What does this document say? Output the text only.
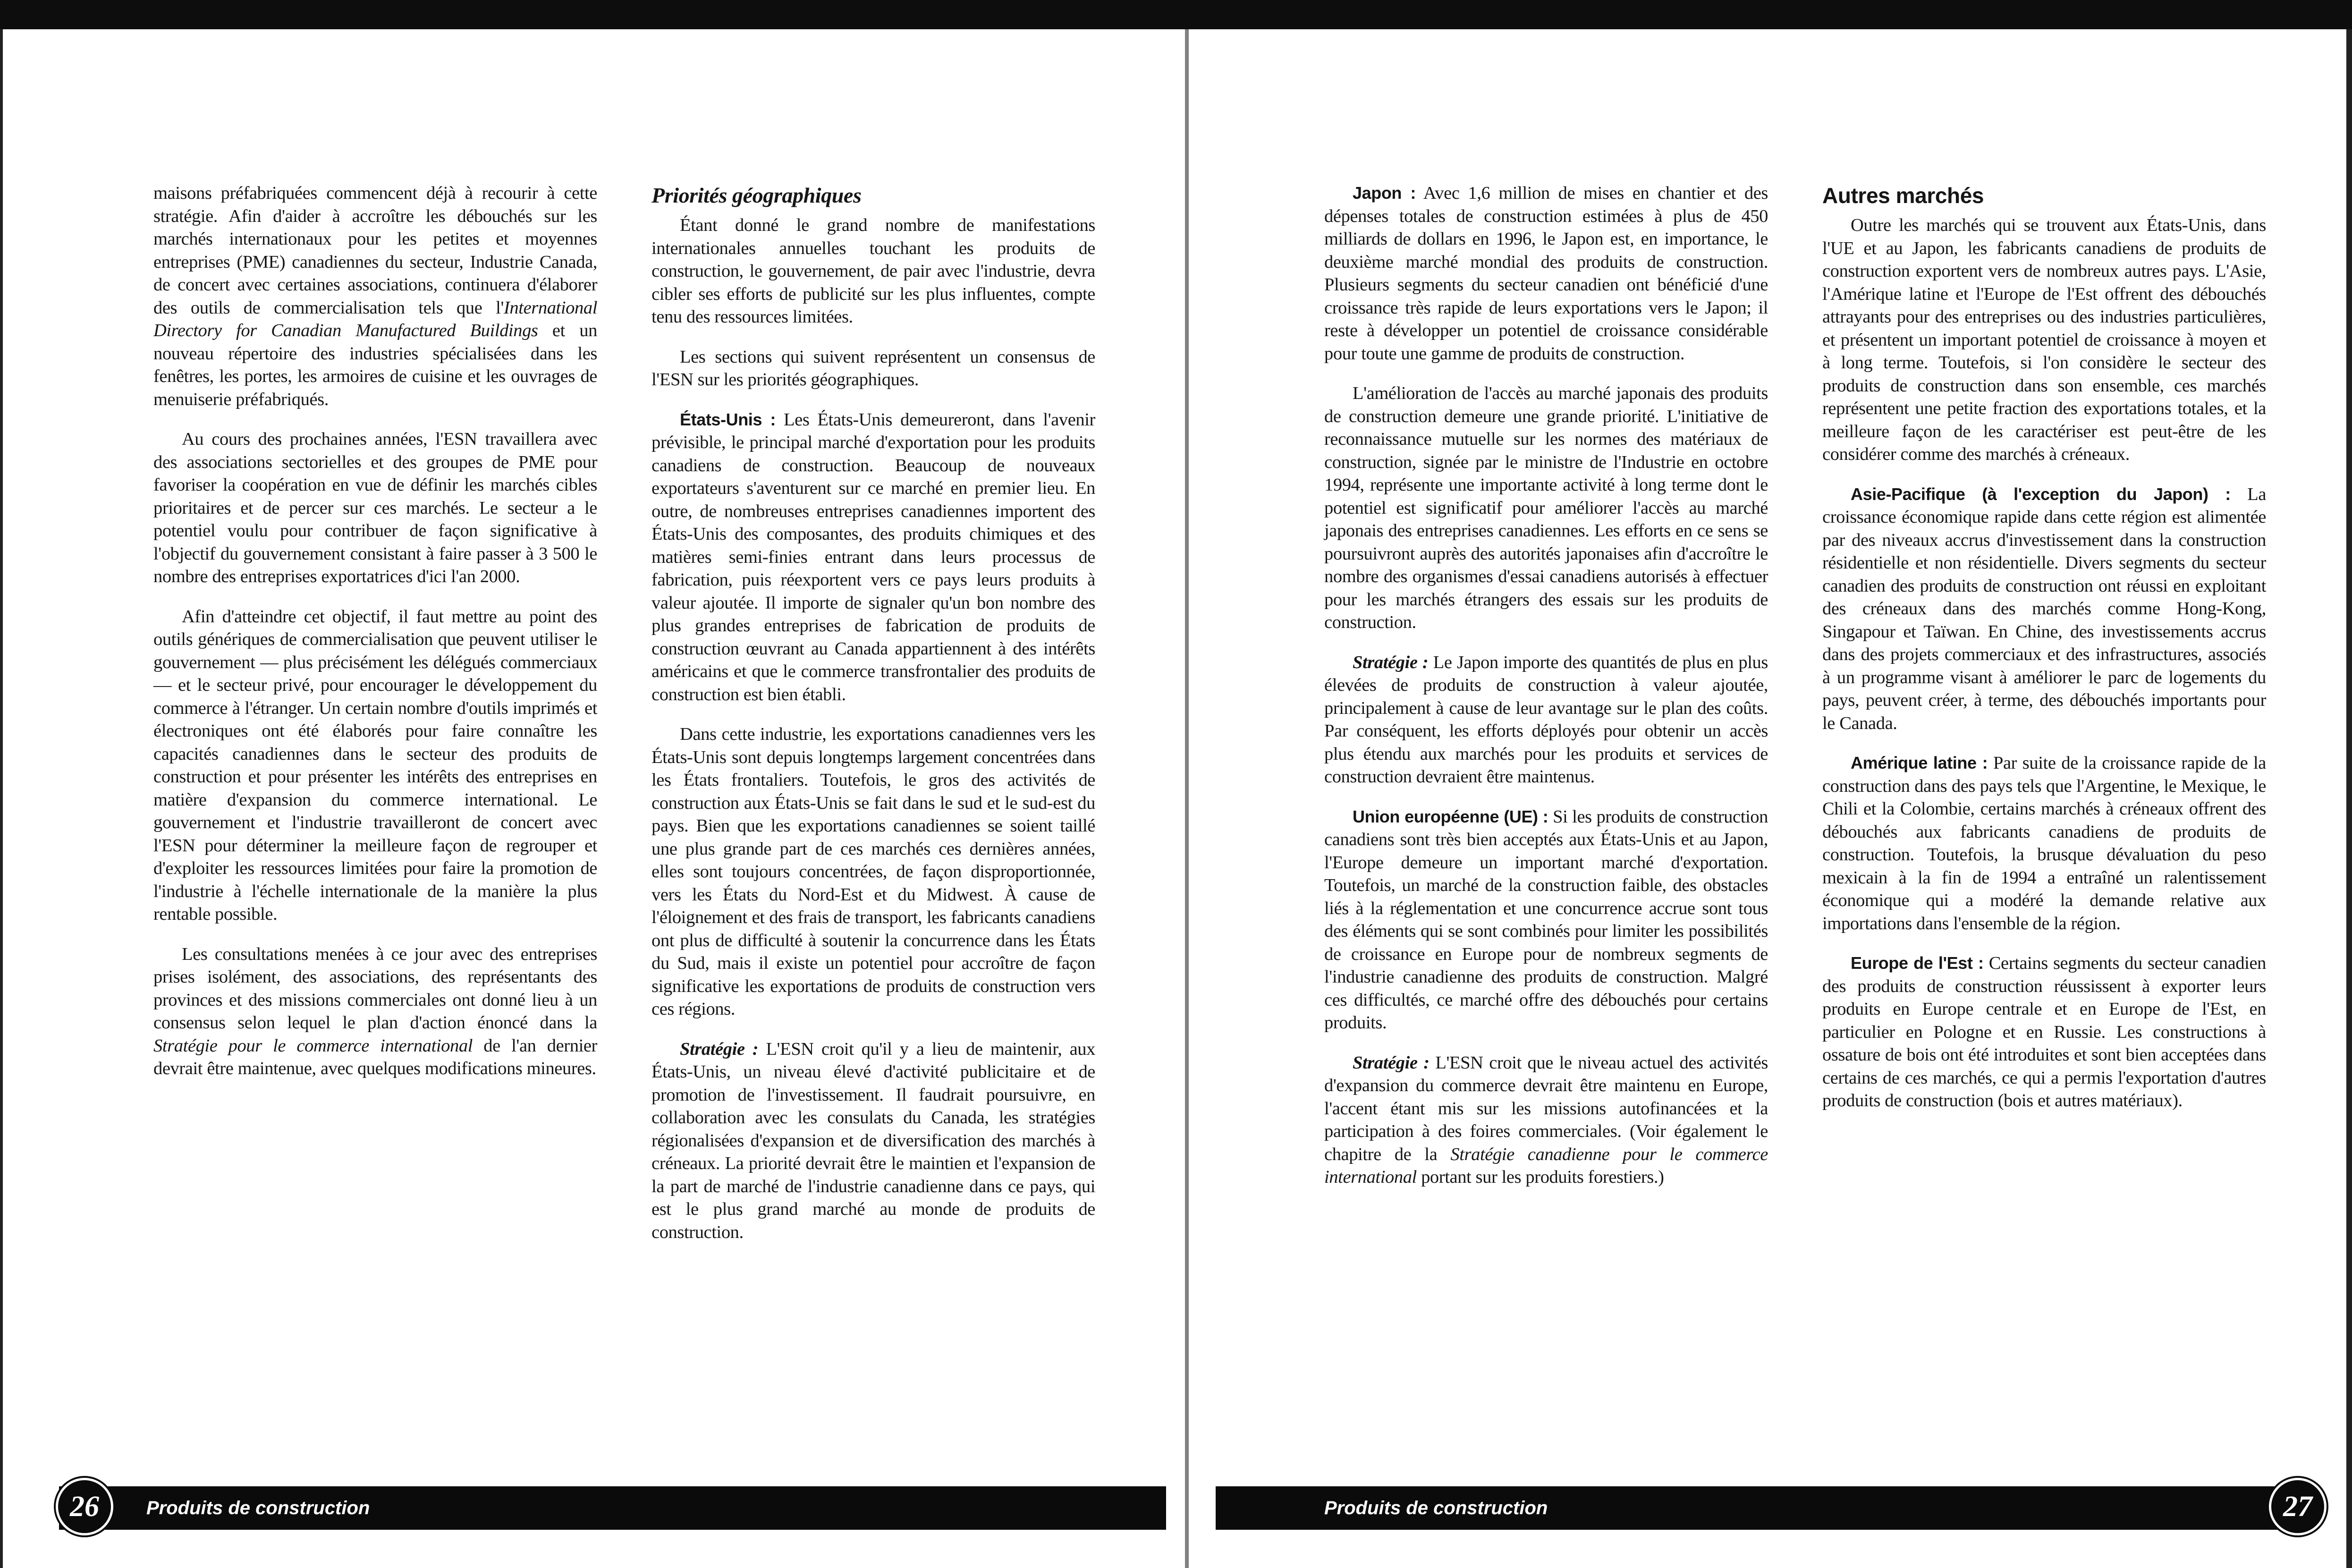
maisons préfabriquées commencent déjà à recourir à cette stratégie. Afin d'aider à accroître les débouchés sur les marchés internationaux pour les petites et moyennes entreprises (PME) canadiennes du secteur, Industrie Canada, de concert avec certaines associations, continuera d'élaborer des outils de commercialisation tels que l'International Directory for Canadian Manufactured Buildings et un nouveau répertoire des industries spécialisées dans les fenêtres, les portes, les armoires de cuisine et les ouvrages de menuiserie préfabriqués.

Au cours des prochaines années, l'ESN travaillera avec des associations sectorielles et des groupes de PME pour favoriser la coopération en vue de définir les marchés cibles prioritaires et de percer sur ces marchés. Le secteur a le potentiel voulu pour contribuer de façon significative à l'objectif du gouvernement consistant à faire passer à 3 500 le nombre des entreprises exportatrices d'ici l'an 2000.

Afin d'atteindre cet objectif, il faut mettre au point des outils génériques de commercialisation que peuvent utiliser le gouvernement — plus précisément les délégués commerciaux — et le secteur privé, pour encourager le développement du commerce à l'étranger. Un certain nombre d'outils imprimés et électroniques ont été élaborés pour faire connaître les capacités canadiennes dans le secteur des produits de construction et pour présenter les intérêts des entreprises en matière d'expansion du commerce international. Le gouvernement et l'industrie travailleront de concert avec l'ESN pour déterminer la meilleure façon de regrouper et d'exploiter les ressources limitées pour faire la promotion de l'industrie à l'échelle internationale de la manière la plus rentable possible.

Les consultations menées à ce jour avec des entreprises prises isolément, des associations, des représentants des provinces et des missions commerciales ont donné lieu à un consensus selon lequel le plan d'action énoncé dans la Stratégie pour le commerce international de l'an dernier devrait être maintenue, avec quelques modifications mineures.

Priorités géographiques

Étant donné le grand nombre de manifestations internationales annuelles touchant les produits de construction, le gouvernement, de pair avec l'industrie, devra cibler ses efforts de publicité sur les plus influentes, compte tenu des ressources limitées.

Les sections qui suivent représentent un consensus de l'ESN sur les priorités géographiques.

États-Unis : Les États-Unis demeureront, dans l'avenir prévisible, le principal marché d'exportation pour les produits canadiens de construction. Beaucoup de nouveaux exportateurs s'aventurent sur ce marché en premier lieu. En outre, de nombreuses entreprises canadiennes importent des États-Unis des composantes, des produits chimiques et des matières semi-finies entrant dans leurs processus de fabrication, puis réexportent vers ce pays leurs produits à valeur ajoutée. Il importe de signaler qu'un bon nombre des plus grandes entreprises de fabrication de produits de construction œuvrant au Canada appartiennent à des intérêts américains et que le commerce transfrontalier des produits de construction est bien établi.

Dans cette industrie, les exportations canadiennes vers les États-Unis sont depuis longtemps largement concentrées dans les États frontaliers. Toutefois, le gros des activités de construction aux États-Unis se fait dans le sud et le sud-est du pays. Bien que les exportations canadiennes se soient taillé une plus grande part de ces marchés ces dernières années, elles sont toujours concentrées, de façon disproportionnée, vers les États du Nord-Est et du Midwest. À cause de l'éloignement et des frais de transport, les fabricants canadiens ont plus de difficulté à soutenir la concurrence dans les États du Sud, mais il existe un potentiel pour accroître de façon significative les exportations de produits de construction vers ces régions.

Stratégie : L'ESN croit qu'il y a lieu de maintenir, aux États-Unis, un niveau élevé d'activité publicitaire et de promotion de l'investissement. Il faudrait poursuivre, en collaboration avec les consulats du Canada, les stratégies régionalisées d'expansion et de diversification des marchés à créneaux. La priorité devrait être le maintien et l'expansion de la part de marché de l'industrie canadienne dans ce pays, qui est le plus grand marché au monde de produits de construction.

Produits de construction
26

Japon : Avec 1,6 million de mises en chantier et des dépenses totales de construction estimées à plus de 450 milliards de dollars en 1996, le Japon est, en importance, le deuxième marché mondial des produits de construction. Plusieurs segments du secteur canadien ont bénéficié d'une croissance très rapide de leurs exportations vers le Japon; il reste à développer un potentiel de croissance considérable pour toute une gamme de produits de construction.

L'amélioration de l'accès au marché japonais des produits de construction demeure une grande priorité. L'initiative de reconnaissance mutuelle sur les normes des matériaux de construction, signée par le ministre de l'Industrie en octobre 1994, représente une importante activité à long terme dont le potentiel est significatif pour améliorer l'accès au marché japonais des entreprises canadiennes. Les efforts en ce sens se poursuivront auprès des autorités japonaises afin d'accroître le nombre des organismes d'essai canadiens autorisés à effectuer pour les marchés étrangers des essais sur les produits de construction.

Stratégie : Le Japon importe des quantités de plus en plus élevées de produits de construction à valeur ajoutée, principalement à cause de leur avantage sur le plan des coûts. Par conséquent, les efforts déployés pour obtenir un accès plus étendu aux marchés pour les produits et services de construction devraient être maintenus.

Union européenne (UE) : Si les produits de construction canadiens sont très bien acceptés aux États-Unis et au Japon, l'Europe demeure un important marché d'exportation. Toutefois, un marché de la construction faible, des obstacles liés à la réglementation et une concurrence accrue sont tous des éléments qui se sont combinés pour limiter les possibilités de croissance en Europe pour de nombreux segments de l'industrie canadienne des produits de construction. Malgré ces difficultés, ce marché offre des débouchés pour certains produits.

Stratégie : L'ESN croit que le niveau actuel des activités d'expansion du commerce devrait être maintenu en Europe, l'accent étant mis sur les missions autofinancées et la participation à des foires commerciales. (Voir également le chapitre de la Stratégie canadienne pour le commerce international portant sur les produits forestiers.)

Autres marchés

Outre les marchés qui se trouvent aux États-Unis, dans l'UE et au Japon, les fabricants canadiens de produits de construction exportent vers de nombreux autres pays. L'Asie, l'Amérique latine et l'Europe de l'Est offrent des débouchés attrayants pour des entreprises ou des industries particulières, et présentent un important potentiel de croissance à moyen et à long terme. Toutefois, si l'on considère le secteur des produits de construction dans son ensemble, ces marchés représentent une petite fraction des exportations totales, et la meilleure façon de les caractériser est peut-être de les considérer comme des marchés à créneaux.

Asie-Pacifique (à l'exception du Japon) : La croissance économique rapide dans cette région est alimentée par des niveaux accrus d'investissement dans la construction résidentielle et non résidentielle. Divers segments du secteur canadien des produits de construction ont réussi en exploitant des créneaux dans des marchés comme Hong-Kong, Singapour et Taïwan. En Chine, des investissements accrus dans des projets commerciaux et des infrastructures, associés à un programme visant à améliorer le parc de logements du pays, peuvent créer, à terme, des débouchés importants pour le Canada.

Amérique latine : Par suite de la croissance rapide de la construction dans des pays tels que l'Argentine, le Mexique, le Chili et la Colombie, certains marchés à créneaux offrent des débouchés aux fabricants canadiens de produits de construction. Toutefois, la brusque dévaluation du peso mexicain à la fin de 1994 a entraîné un ralentissement économique qui a modéré la demande relative aux importations dans l'ensemble de la région.

Europe de l'Est : Certains segments du secteur canadien des produits de construction réussissent à exporter leurs produits en Europe centrale et en Europe de l'Est, en particulier en Pologne et en Russie. Les constructions à ossature de bois ont été introduites et sont bien acceptées dans certains de ces marchés, ce qui a permis l'exportation d'autres produits de construction (bois et autres matériaux).

Produits de construction	27
